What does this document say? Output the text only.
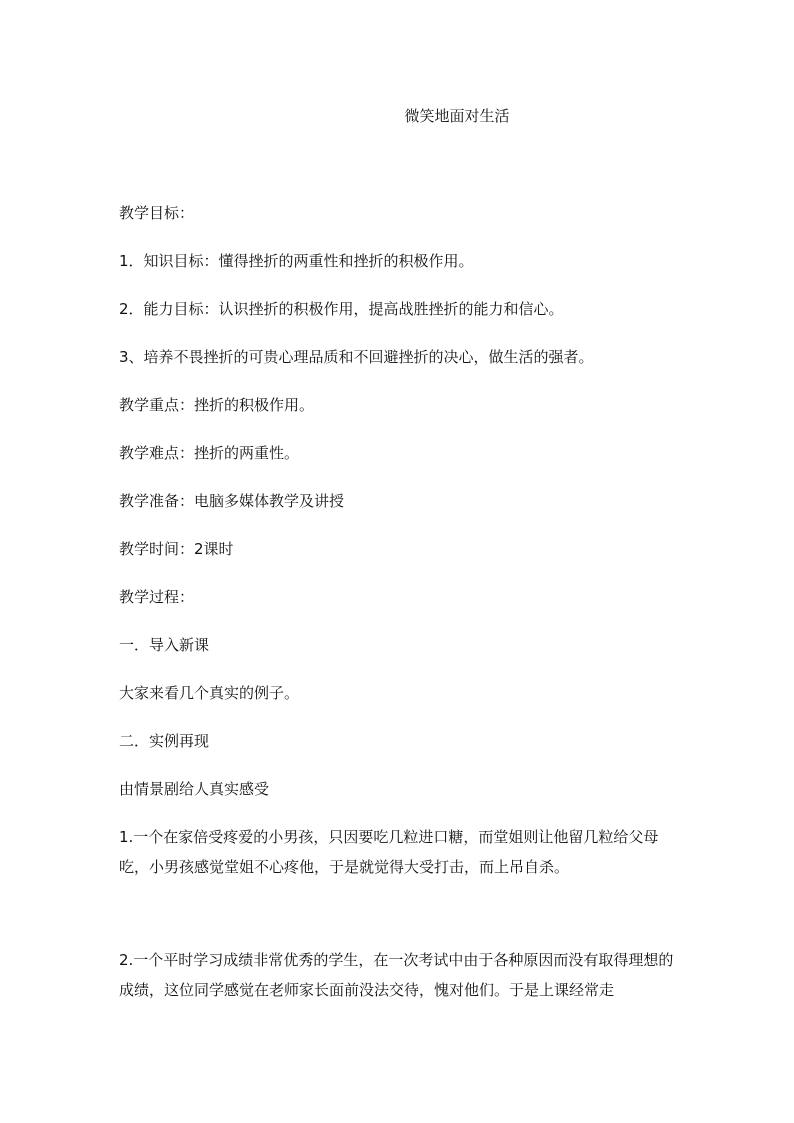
微笑地面对生活
教学目标：
1．知识目标：懂得挫折的两重性和挫折的积极作用。
2．能力目标：认识挫折的积极作用，提高战胜挫折的能力和信心。
3、培养不畏挫折的可贵心理品质和不回避挫折的决心，做生活的强者。
教学重点：挫折的积极作用。
教学难点：挫折的两重性。
教学准备：电脑多媒体教学及讲授
教学时间：2课时
教学过程：
一．导入新课
大家来看几个真实的例子。
二．实例再现
由情景剧给人真实感受
1.一个在家倍受疼爱的小男孩，只因要吃几粒进口糖，而堂姐则让他留几粒给父母吃，小男孩感觉堂姐不心疼他，于是就觉得大受打击，而上吊自杀。
2.一个平时学习成绩非常优秀的学生，在一次考试中由于各种原因而没有取得理想的成绩，这位同学感觉在老师家长面前没法交待，愧对他们。于是上课经常走
